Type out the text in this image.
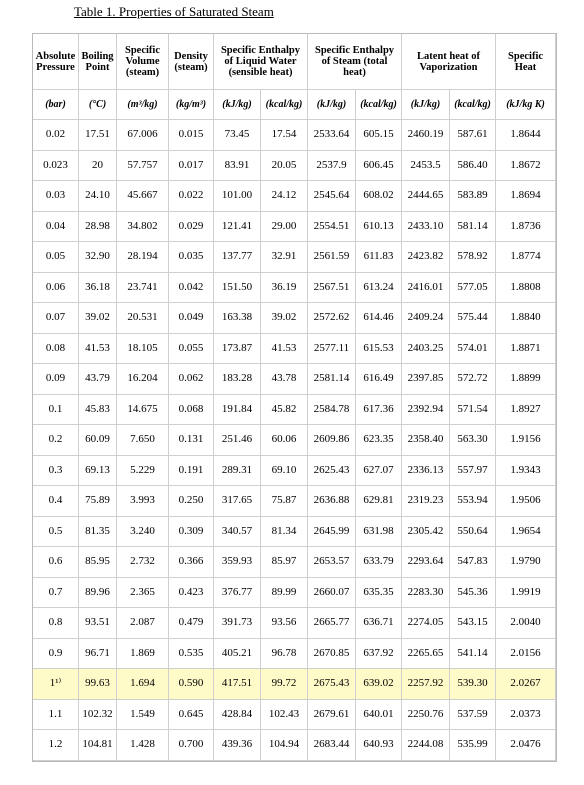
Table 1. Properties of Saturated Steam
Absolute Pressure	Boiling Point	Specific Volume (steam)	Density (steam)	Specific Enthalpy of Liquid Water (sensible heat)		Specific Enthalpy of Steam (total heat)		Latent heat of Vaporization		Specific Heat
(bar)	(°C)	(m³/kg)	(kg/m³)	(kJ/kg)	(kcal/kg)	(kJ/kg)	(kcal/kg)	(kJ/kg)	(kcal/kg)	(kJ/kg K)
0.02	17.51	67.006	0.015	73.45	17.54	2533.64	605.15	2460.19	587.61	1.8644
0.023	20	57.757	0.017	83.91	20.05	2537.9	606.45	2453.5	586.40	1.8672
0.03	24.10	45.667	0.022	101.00	24.12	2545.64	608.02	2444.65	583.89	1.8694
0.04	28.98	34.802	0.029	121.41	29.00	2554.51	610.13	2433.10	581.14	1.8736
0.05	32.90	28.194	0.035	137.77	32.91	2561.59	611.83	2423.82	578.92	1.8774
0.06	36.18	23.741	0.042	151.50	36.19	2567.51	613.24	2416.01	577.05	1.8808
0.07	39.02	20.531	0.049	163.38	39.02	2572.62	614.46	2409.24	575.44	1.8840
0.08	41.53	18.105	0.055	173.87	41.53	2577.11	615.53	2403.25	574.01	1.8871
0.09	43.79	16.204	0.062	183.28	43.78	2581.14	616.49	2397.85	572.72	1.8899
0.1	45.83	14.675	0.068	191.84	45.82	2584.78	617.36	2392.94	571.54	1.8927
0.2	60.09	7.650	0.131	251.46	60.06	2609.86	623.35	2358.40	563.30	1.9156
0.3	69.13	5.229	0.191	289.31	69.10	2625.43	627.07	2336.13	557.97	1.9343
0.4	75.89	3.993	0.250	317.65	75.87	2636.88	629.81	2319.23	553.94	1.9506
0.5	81.35	3.240	0.309	340.57	81.34	2645.99	631.98	2305.42	550.64	1.9654
0.6	85.95	2.732	0.366	359.93	85.97	2653.57	633.79	2293.64	547.83	1.9790
0.7	89.96	2.365	0.423	376.77	89.99	2660.07	635.35	2283.30	545.36	1.9919
0.8	93.51	2.087	0.479	391.73	93.56	2665.77	636.71	2274.05	543.15	2.0040
0.9	96.71	1.869	0.535	405.21	96.78	2670.85	637.92	2265.65	541.14	2.0156
1¹⁾	99.63	1.694	0.590	417.51	99.72	2675.43	639.02	2257.92	539.30	2.0267
1.1	102.32	1.549	0.645	428.84	102.43	2679.61	640.01	2250.76	537.59	2.0373
1.2	104.81	1.428	0.700	439.36	104.94	2683.44	640.93	2244.08	535.99	2.0476
